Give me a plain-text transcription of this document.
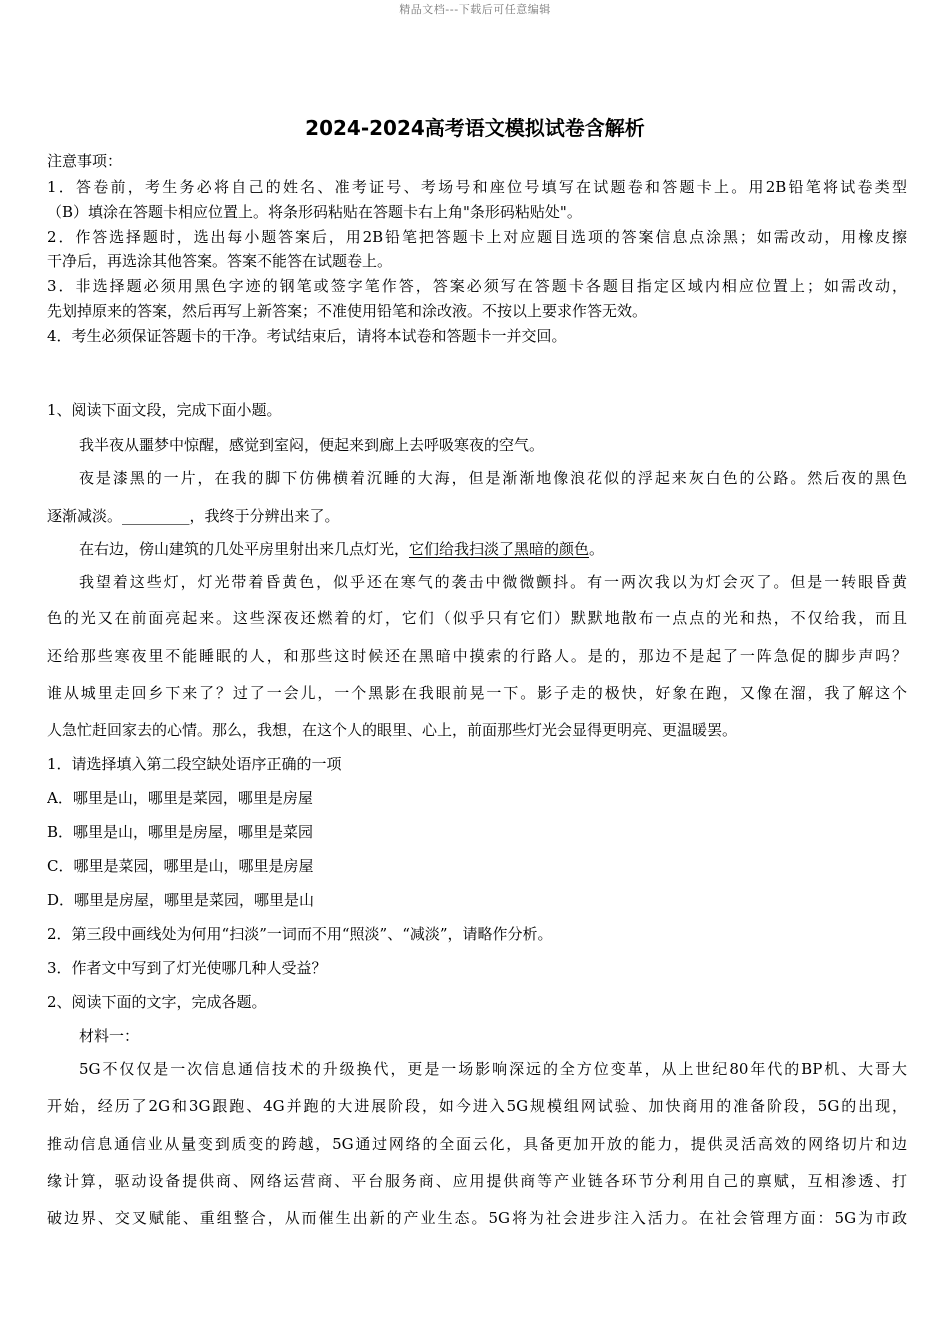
精品文档---下载后可任意编辑
2024-2024高考语文模拟试卷含解析
注意事项：
1．答卷前，考生务必将自己的姓名、准考证号、考场号和座位号填写在试题卷和答题卡上。用2B铅笔将试卷类型
（B）填涂在答题卡相应位置上。将条形码粘贴在答题卡右上角"条形码粘贴处"。
2．作答选择题时，选出每小题答案后，用2B铅笔把答题卡上对应题目选项的答案信息点涂黑；如需改动，用橡皮擦
干净后，再选涂其他答案。答案不能答在试题卷上。
3．非选择题必须用黑色字迹的钢笔或签字笔作答，答案必须写在答题卡各题目指定区域内相应位置上；如需改动，
先划掉原来的答案，然后再写上新答案；不准使用铅笔和涂改液。不按以上要求作答无效。
4．考生必须保证答题卡的干净。考试结束后，请将本试卷和答题卡一并交回。
1、阅读下面文段，完成下面小题。
我半夜从噩梦中惊醒，感觉到室闷，便起来到廊上去呼吸寒夜的空气。
夜是漆黑的一片，在我的脚下仿佛横着沉睡的大海，但是渐渐地像浪花似的浮起来灰白色的公路。然后夜的黑色
逐渐减淡。_________，我终于分辨出来了。
在右边，傍山建筑的几处平房里射出来几点灯光，它们给我扫淡了黑暗的颜色。
我望着这些灯，灯光带着昏黄色，似乎还在寒气的袭击中微微颤抖。有一两次我以为灯会灭了。但是一转眼昏黄
色的光又在前面亮起来。这些深夜还燃着的灯，它们（似乎只有它们）默默地散布一点点的光和热，不仅给我，而且
还给那些寒夜里不能睡眠的人，和那些这时候还在黑暗中摸索的行路人。是的，那边不是起了一阵急促的脚步声吗？
谁从城里走回乡下来了？过了一会儿，一个黑影在我眼前晃一下。影子走的极快，好象在跑，又像在溜，我了解这个
人急忙赶回家去的心情。那么，我想，在这个人的眼里、心上，前面那些灯光会显得更明亮、更温暖罢。
1．请选择填入第二段空缺处语序正确的一项
A．哪里是山，哪里是菜园，哪里是房屋
B．哪里是山，哪里是房屋，哪里是菜园
C．哪里是菜园，哪里是山，哪里是房屋
D．哪里是房屋，哪里是菜园，哪里是山
2．第三段中画线处为何用“扫淡”一词而不用“照淡”、“减淡”，请略作分析。
3．作者文中写到了灯光使哪几种人受益？
2、阅读下面的文字，完成各题。
材料一：
5G不仅仅是一次信息通信技术的升级换代，更是一场影响深远的全方位变革，从上世纪80年代的BP机、大哥大
开始，经历了2G和3G跟跑、4G并跑的大进展阶段，如今进入5G规模组网试验、加快商用的准备阶段，5G的出现，
推动信息通信业从量变到质变的跨越，5G通过网络的全面云化，具备更加开放的能力，提供灵活高效的网络切片和边
缘计算，驱动设备提供商、网络运营商、平台服务商、应用提供商等产业链各环节分利用自己的禀赋，互相渗透、打
破边界、交叉赋能、重组整合，从而催生出新的产业生态。5G将为社会进步注入活力。在社会管理方面：5G为市政
